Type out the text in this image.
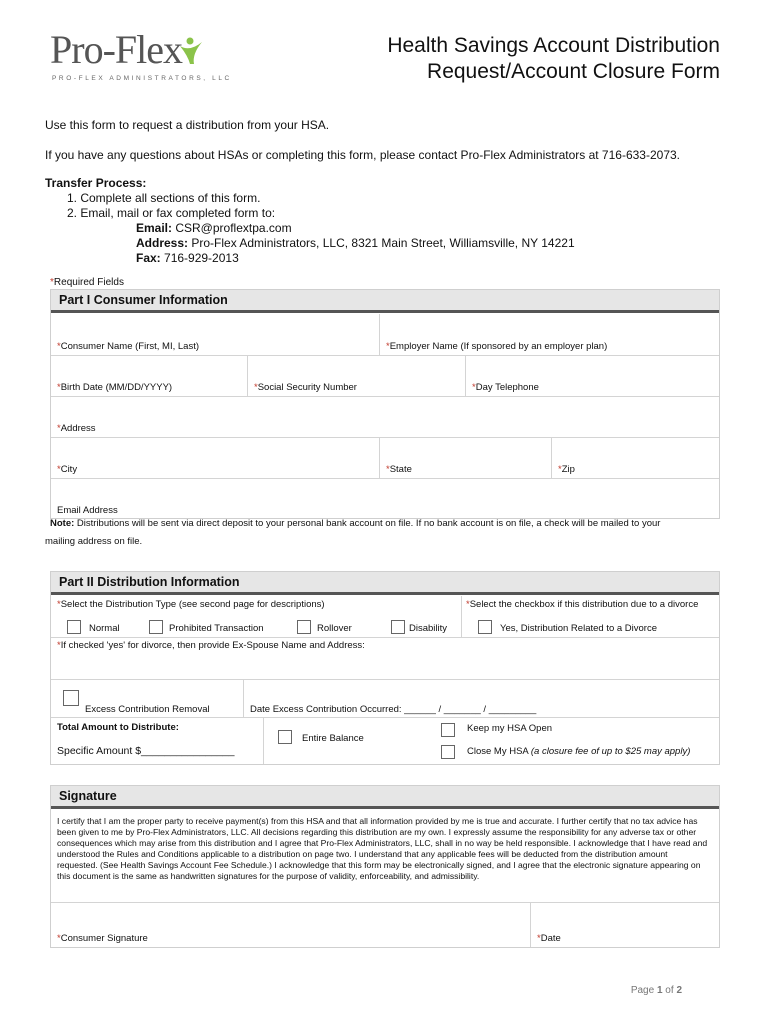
Pro-Flex
PRO-FLEX ADMINISTRATORS, LLC
Health Savings Account Distribution
Request/Account Closure Form
Use this form to request a distribution from your HSA.
If you have any questions about HSAs or completing this form, please contact Pro-Flex Administrators at 716-633-2073.
Transfer Process:
1. Complete all sections of this form.
2. Email, mail or fax completed form to:
Email: CSR@proflextpa.com
Address: Pro-Flex Administrators, LLC, 8321 Main Street, Williamsville, NY 14221
Fax: 716-929-2013
*Required Fields
Part I Consumer Information
*Consumer Name (First, MI, Last)	*Employer Name (If sponsored by an employer plan)
*Birth Date (MM/DD/YYYY)	*Social Security Number	*Day Telephone
*Address
*City	*State	*Zip
Email Address
Note: Distributions will be sent via direct deposit to your personal bank account on file. If no bank account is on file, a check will be mailed to your
mailing address on file.
Part II Distribution Information
*Select the Distribution Type (see second page for descriptions)
Normal	Prohibited Transaction	Rollover	Disability
*Select the checkbox if this distribution due to a divorce
Yes, Distribution Related to a Divorce
*If checked 'yes' for divorce, then provide Ex-Spouse Name and Address:
Excess Contribution Removal	Date Excess Contribution Occurred: ______ / _______ / _________
Total Amount to Distribute:
Specific Amount $________________
Entire Balance
Keep my HSA Open
Close My HSA (a closure fee of up to $25 may apply)
Signature
I certify that I am the proper party to receive payment(s) from this HSA and that all information provided by me is true and accurate. I further certify that no tax advice has been given to me by Pro-Flex Administrators, LLC. All decisions regarding this distribution are my own. I expressly assume the responsibility for any adverse tax or other consequences which may arise from this distribution and I agree that Pro-Flex Administrators, LLC, shall in no way be held responsible. I acknowledge that I have read and understood the Rules and Conditions applicable to a distribution on page two. I understand that any applicable fees will be deducted from the distribution amount requested. (See Health Savings Account Fee Schedule.) I acknowledge that this form may be electronically signed, and I agree that the electronic signature appearing on this document is the same as handwritten signatures for the purpose of validity, enforceability, and admissibility.
*Consumer Signature	*Date
Page 1 of 2
